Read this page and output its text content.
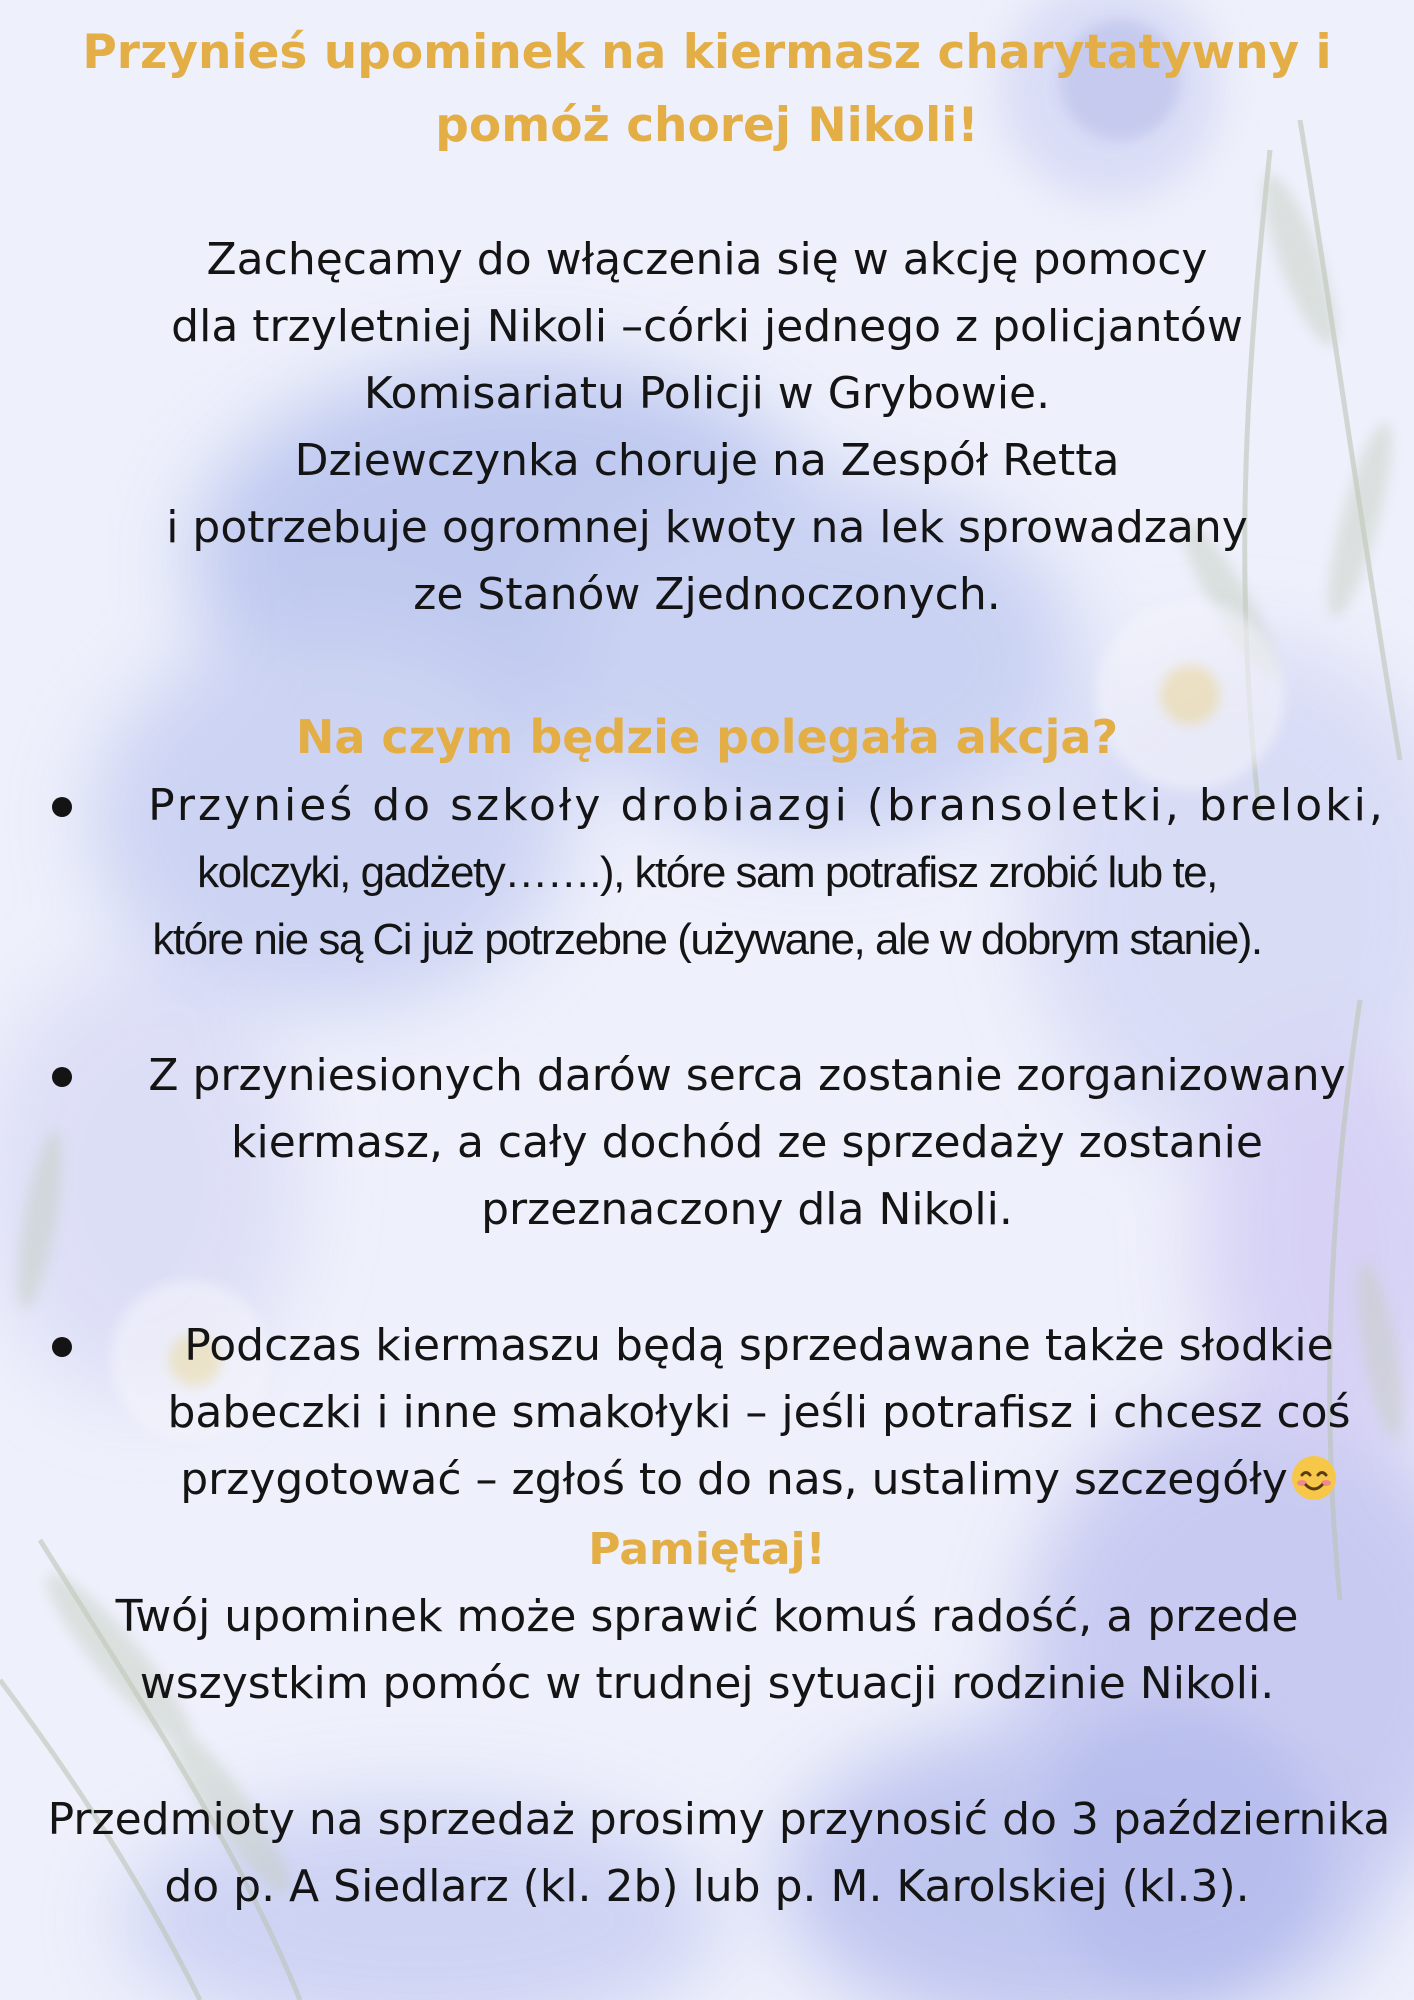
Przynieś upominek na kiermasz charytatywny i
pomóż chorej Nikoli!
Zachęcamy do włączenia się w akcję pomocy
dla trzyletniej Nikoli –córki jednego z policjantów
Komisariatu Policji w Grybowie.
Dziewczynka choruje na Zespół Retta
i potrzebuje ogromnej kwoty na lek sprowadzany
ze Stanów Zjednoczonych.
Na czym będzie polegała akcja?
Przynieś do szkoły drobiazgi (bransoletki, breloki,
kolczyki, gadżety…….), które sam potrafisz zrobić lub te,
które nie są Ci już potrzebne (używane, ale w dobrym stanie).
Z przyniesionych darów serca zostanie zorganizowany
kiermasz, a cały dochód ze sprzedaży zostanie
przeznaczony dla Nikoli.
Podczas kiermaszu będą sprzedawane także słodkie
babeczki i inne smakołyki – jeśli potrafisz i chcesz coś
przygotować – zgłoś to do nas, ustalimy szczegóły
Pamiętaj!
Twój upominek może sprawić komuś radość, a przede
wszystkim pomóc w trudnej sytuacji rodzinie Nikoli.
Przedmioty na sprzedaż prosimy przynosić do 3 października
do p. A Siedlarz (kl. 2b) lub p. M. Karolskiej (kl.3).
